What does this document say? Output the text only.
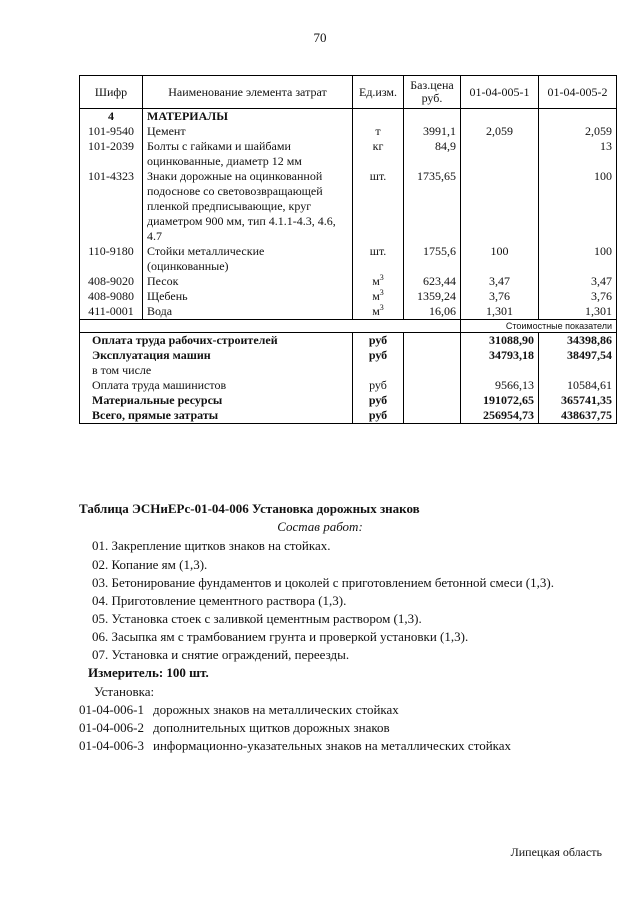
70
Шифр	Наименование элемента затрат	Ед.изм.	Баз.цена руб.	01-04-005-1	01-04-005-2
4	МАТЕРИАЛЫ				
101-9540	Цемент	т	3991,1	2,059	2,059
101-2039	Болты с гайками и шайбами оцинкованные, диаметр 12 мм	кг	84,9		13
101-4323	Знаки дорожные на оцинкованной подоснове со световозвращающей пленкой предписывающие, круг диаметром 900 мм, тип 4.1.1-4.3, 4.6, 4.7	шт.	1735,65		100
110-9180	Стойки металлические (оцинкованные)	шт.	1755,6	100	100
408-9020	Песок	$м^3$	623,44	3,47	3,47
408-9080	Щебень	$м^3$	1359,24	3,76	3,76
411-0001	Вода	$м^3$	16,06	1,301	1,301
				Стоимостные показатели	
Оплата труда рабочих-строителей		руб		31088,90	34398,86
Эксплуатация машин		руб		34793,18	38497,54
в том числе					
Оплата труда машинистов		руб		9566,13	10584,61
Материальные ресурсы		руб		191072,65	365741,35
Всего, прямые затраты		руб		256954,73	438637,75
Таблица ЭСНиЕРс-01-04-006 Установка дорожных знаков
Состав работ:
01. Закрепление щитков знаков на стойках.
02. Копание ям (1,3).
03. Бетонирование фундаментов и цоколей с приготовлением бетонной смеси (1,3).
04. Приготовление цементного раствора (1,3).
05. Установка стоек с заливкой цементным раствором (1,3).
06. Засыпка ям с трамбованием грунта и проверкой установки (1,3).
07. Установка и снятие ограждений, переезды.
Измеритель: 100 шт.
Установка:
01-04-006-1 дорожных знаков на металлических стойках
01-04-006-2 дополнительных щитков дорожных знаков
01-04-006-3 информационно-указательных знаков на металлических стойках
Липецкая область
